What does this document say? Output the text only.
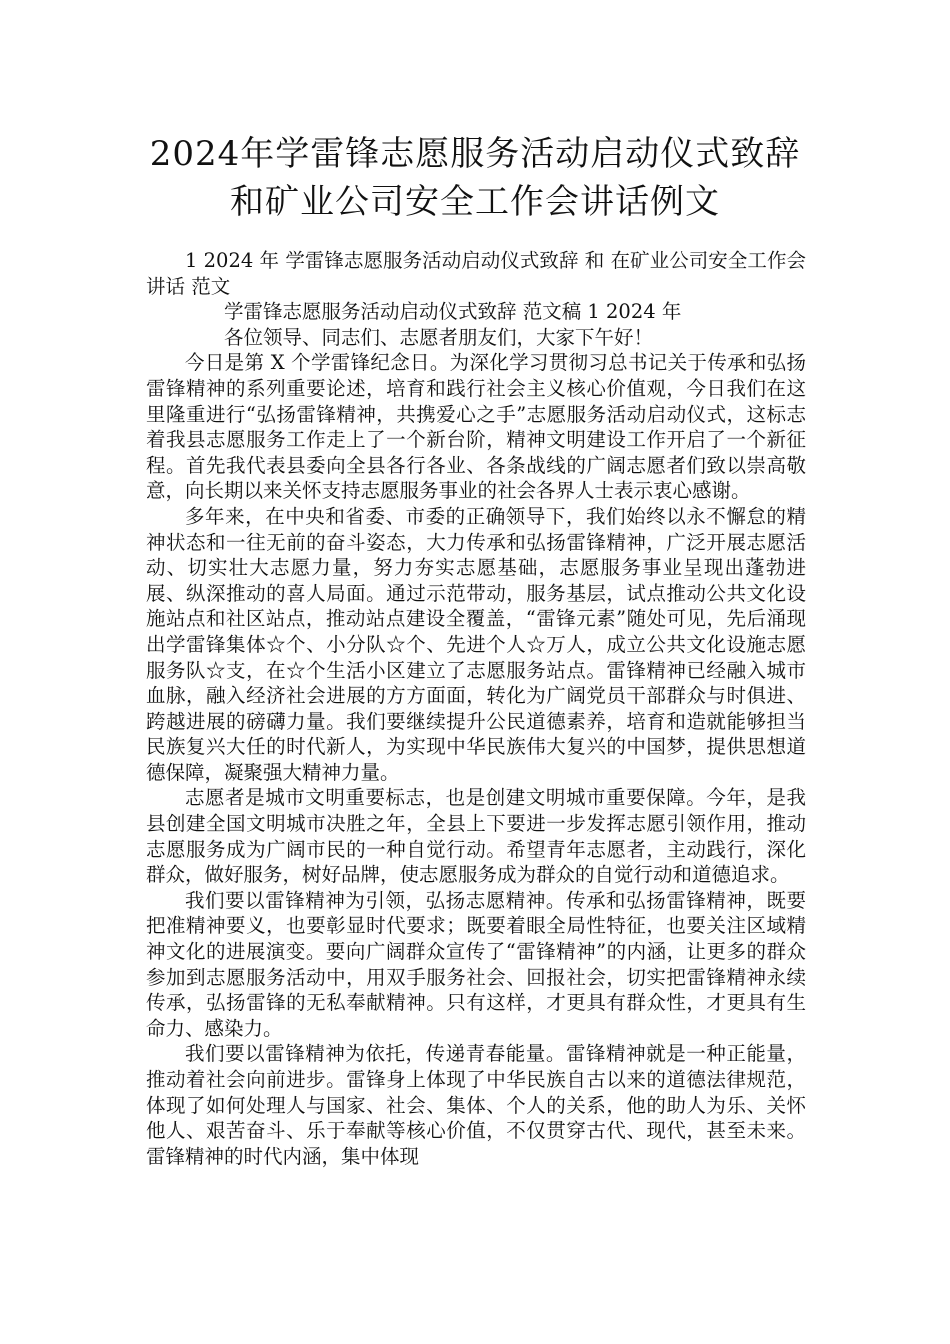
2024年学雷锋志愿服务活动启动仪式致辞
和矿业公司安全工作会讲话例文

1 2024 年 学雷锋志愿服务活动启动仪式致辞 和 在矿业公司安全工作会讲话 范文

学雷锋志愿服务活动启动仪式致辞 范文稿 1 2024 年

各位领导、同志们、志愿者朋友们，大家下午好！

今日是第 X 个学雷锋纪念日。为深化学习贯彻习总书记关于传承和弘扬雷锋精神的系列重要论述，培育和践行社会主义核心价值观，今日我们在这里隆重进行“弘扬雷锋精神，共携爱心之手”志愿服务活动启动仪式，这标志着我县志愿服务工作走上了一个新台阶，精神文明建设工作开启了一个新征程。首先我代表县委向全县各行各业、各条战线的广阔志愿者们致以崇高敬意，向长期以来关怀支持志愿服务事业的社会各界人士表示衷心感谢。

多年来，在中央和省委、市委的正确领导下，我们始终以永不懈怠的精神状态和一往无前的奋斗姿态，大力传承和弘扬雷锋精神，广泛开展志愿活动、切实壮大志愿力量，努力夯实志愿基础，志愿服务事业呈现出蓬勃进展、纵深推动的喜人局面。通过示范带动，服务基层，试点推动公共文化设施站点和社区站点，推动站点建设全覆盖，“雷锋元素”随处可见，先后涌现出学雷锋集体☆个、小分队☆个、先进个人☆万人，成立公共文化设施志愿服务队☆支，在☆个生活小区建立了志愿服务站点。雷锋精神已经融入城市血脉，融入经济社会进展的方方面面，转化为广阔党员干部群众与时俱进、跨越进展的磅礴力量。我们要继续提升公民道德素养，培育和造就能够担当民族复兴大任的时代新人，为实现中华民族伟大复兴的中国梦，提供思想道德保障，凝聚强大精神力量。

志愿者是城市文明重要标志，也是创建文明城市重要保障。今年，是我县创建全国文明城市决胜之年，全县上下要进一步发挥志愿引领作用，推动志愿服务成为广阔市民的一种自觉行动。希望青年志愿者，主动践行，深化群众，做好服务，树好品牌，使志愿服务成为群众的自觉行动和道德追求。

我们要以雷锋精神为引领，弘扬志愿精神。传承和弘扬雷锋精神，既要把准精神要义，也要彰显时代要求；既要着眼全局性特征，也要关注区域精神文化的进展演变。要向广阔群众宣传了“雷锋精神”的内涵，让更多的群众参加到志愿服务活动中，用双手服务社会、回报社会，切实把雷锋精神永续传承，弘扬雷锋的无私奉献精神。只有这样，才更具有群众性，才更具有生命力、感染力。

我们要以雷锋精神为依托，传递青春能量。雷锋精神就是一种正能量，推动着社会向前进步。雷锋身上体现了中华民族自古以来的道德法律规范，体现了如何处理人与国家、社会、集体、个人的关系，他的助人为乐、关怀他人、艰苦奋斗、乐于奉献等核心价值，不仅贯穿古代、现代，甚至未来。雷锋精神的时代内涵，集中体现
